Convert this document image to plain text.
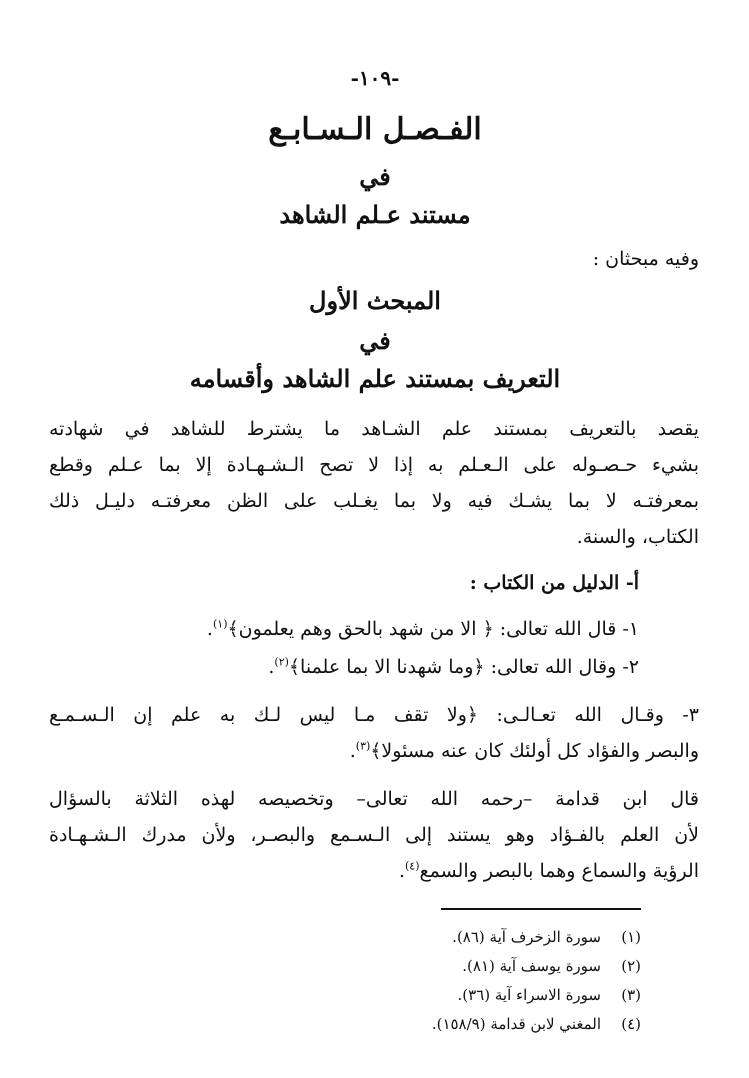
-١٠٩-
الفـصـل الـسـابـع
في
مستند عـلم الشاهد
وفيه مبحثان :
المبحث الأول
في
التعريف بمستند علم الشاهد وأقسامه
يقصد بالتعريف بمستند علم الشـاهد ما يشترط للشاهد في شهادته
بشيء حـصـوله على الـعـلم به إذا لا تصح الـشـهـادة إلا بما عـلم وقطع
بمعرفتـه لا بما يشـك فيه ولا بما يغـلب على الظن معرفتـه دليـل ذلك
الكتاب، والسنة.
أ- الدليل من الكتاب :
١- قال الله تعالى: ﴿ الا من شهد بالحق وهم يعلمون﴾$^{(١)}$.
٢- وقال الله تعالى: ﴿وما شهدنا الا بما علمنا﴾$^{(٢)}$.
٣- وقـال الله تعـالـى: ﴿ولا تقف مـا ليس لـك به علم إن الـسـمـع
والبصر والفؤاد كل أولئك كان عنه مسئولا﴾$^{(٣)}$.
قال ابن قدامة –رحمه الله تعالى– وتخصيصه لهذه الثلاثة بالسؤال
لأن العلم بالفـؤاد وهو يستند إلى الـسـمع والبصـر، ولأن مدرك الـشـهـادة
الرؤية والسماع وهما بالبصر والسمع$^{(٤)}$.
(١)سورة الزخرف آية (٨٦).
(٢)سورة يوسف آية (٨١).
(٣)سورة الاسراء آية (٣٦).
(٤)المغني لابن قدامة (١٥٨/٩).
